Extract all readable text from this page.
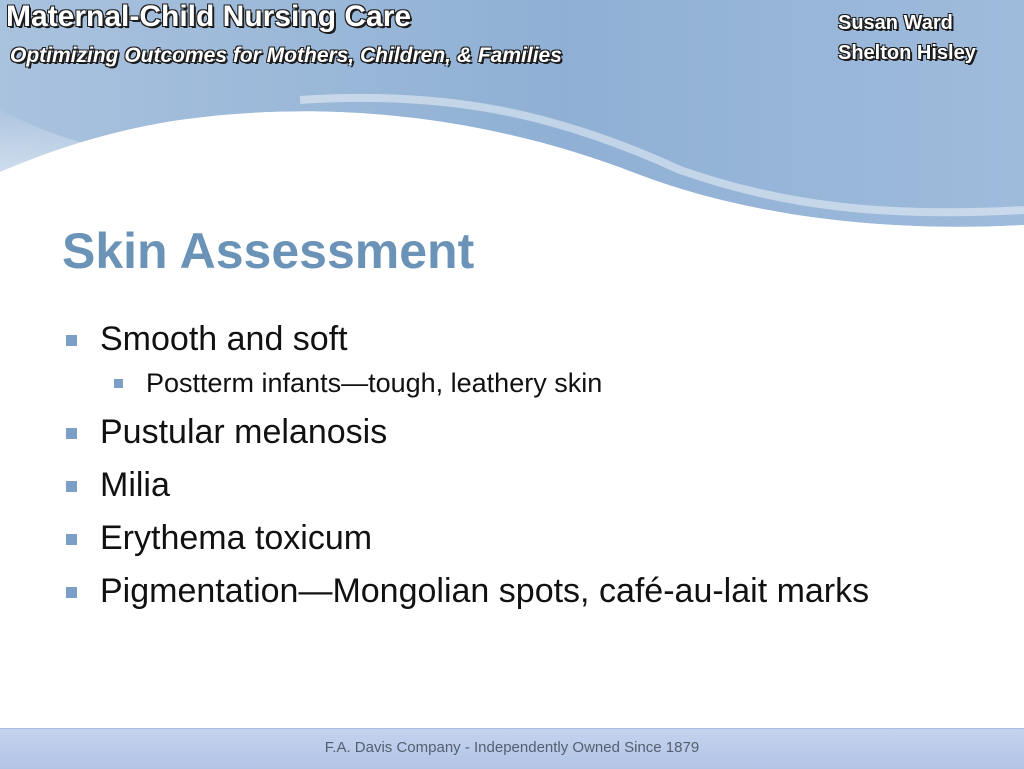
Maternal-Child Nursing Care
Optimizing Outcomes for Mothers, Children, & Families
Susan Ward
Shelton Hisley
Skin Assessment
Smooth and soft
Postterm infants—tough, leathery skin
Pustular melanosis
Milia
Erythema toxicum
Pigmentation—Mongolian spots, café-au-lait marks
F.A. Davis Company - Independently Owned Since 1879
